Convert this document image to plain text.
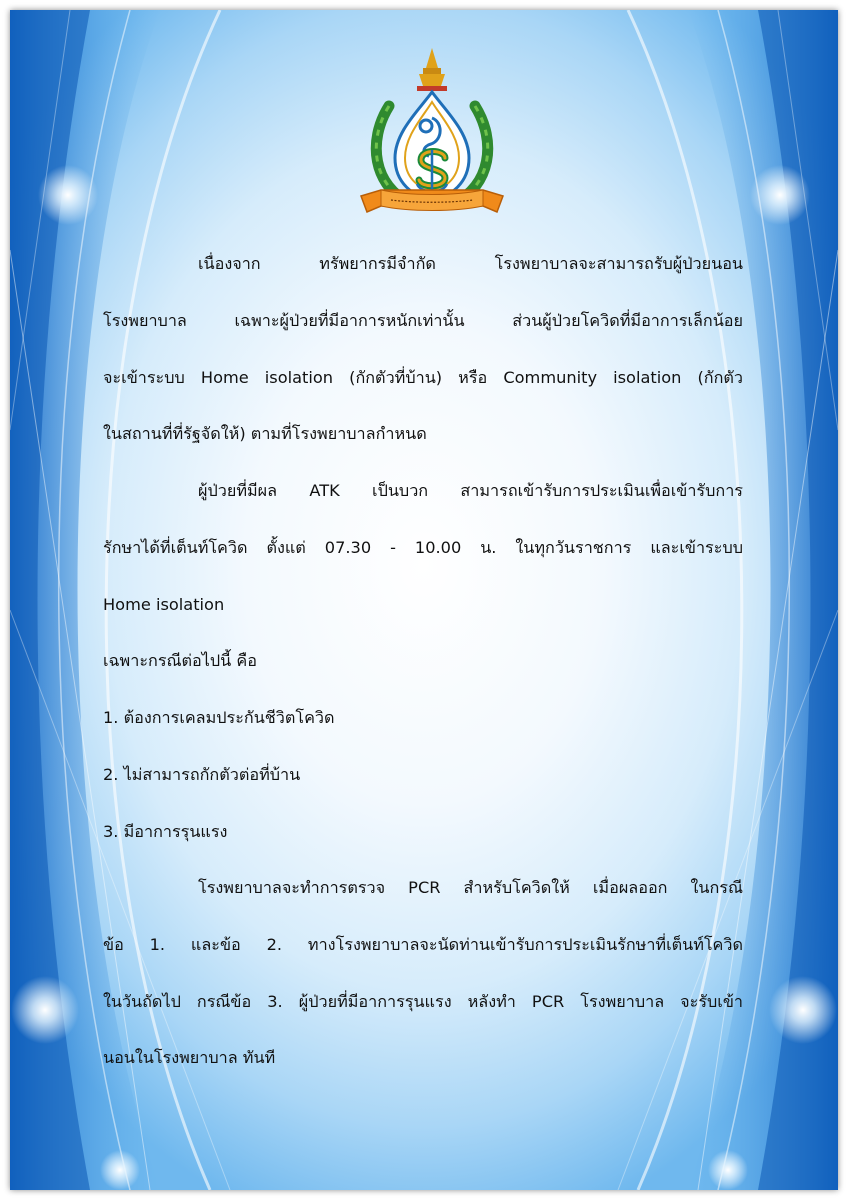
เนื่องจาก ทรัพยากรมีจำกัด โรงพยาบาลจะสามารถรับผู้ป่วยนอน
โรงพยาบาล เฉพาะผู้ป่วยที่มีอาการหนักเท่านั้น ส่วนผู้ป่วยโควิดที่มีอาการเล็กน้อย
จะเข้าระบบ Home isolation (กักตัวที่บ้าน) หรือ Community isolation (กักตัว
ในสถานที่ที่รัฐจัดให้) ตามที่โรงพยาบาลกำหนด

ผู้ป่วยที่มีผล ATK เป็นบวก สามารถเข้ารับการประเมินเพื่อเข้ารับการ
รักษาได้ที่เต็นท์โควิด ตั้งแต่ 07.30 - 10.00 น. ในทุกวันราชการ และเข้าระบบ
Home isolation
เฉพาะกรณีต่อไปนี้ คือ
1. ต้องการเคลมประกันชีวิตโควิด
2. ไม่สามารถกักตัวต่อที่บ้าน
3. มีอาการรุนแรง

โรงพยาบาลจะทำการตรวจ PCR สำหรับโควิดให้ เมื่อผลออก ในกรณี
ข้อ 1. และข้อ 2. ทางโรงพยาบาลจะนัดท่านเข้ารับการประเมินรักษาที่เต็นท์โควิด
ในวันถัดไป กรณีข้อ 3. ผู้ป่วยที่มีอาการรุนแรง หลังทำ PCR โรงพยาบาล จะรับเข้า
นอนในโรงพยาบาล ทันที
